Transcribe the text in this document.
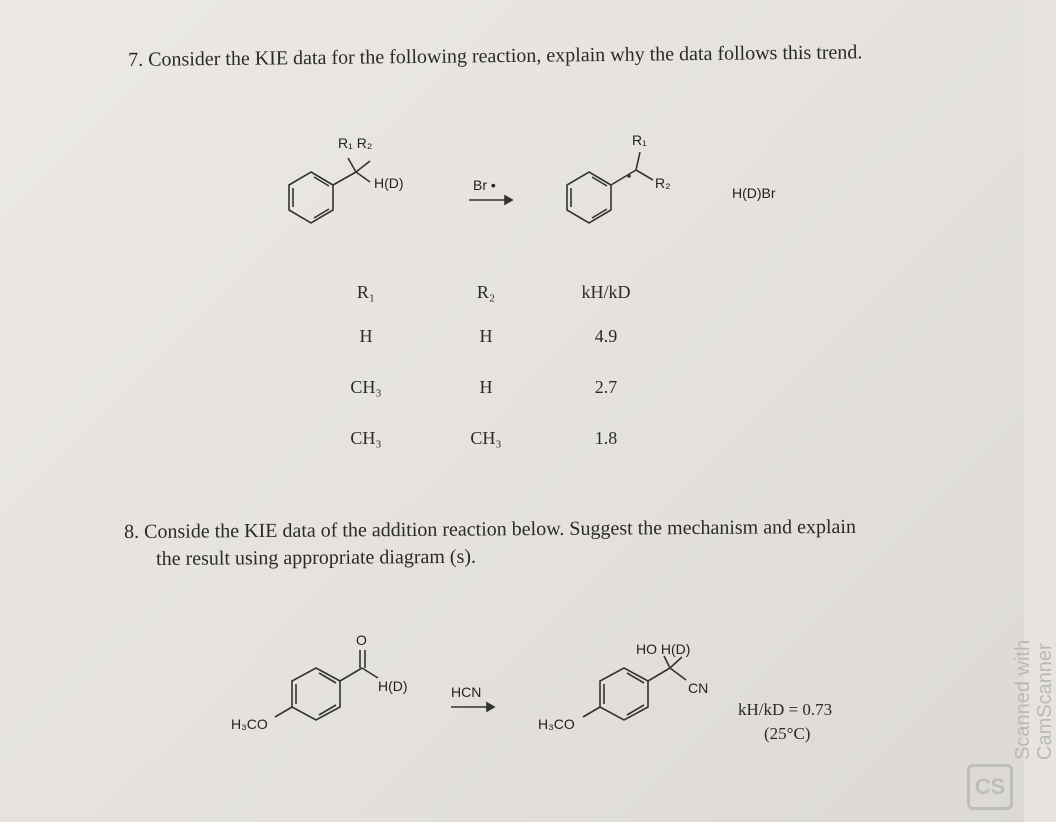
7. Consider the KIE data for the following reaction, explain why the data follows this trend.

R₁ R₂
H(D)	Br •
R₁
R₂
H(D)Br
R₁	R₂	kH/kD
H	H	4.9
CH₃	H	2.7
CH₃	CH₃	1.8

8. Conside the KIE data of the addition reaction below. Suggest the mechanism and explain

the result using appropriate diagram (s).

O
H(D)
H₃CO
HCN
HO H(D)
CN
H₃CO
kH/kD = 0.73
(25°C)	Scanned with CamScanner
CS
